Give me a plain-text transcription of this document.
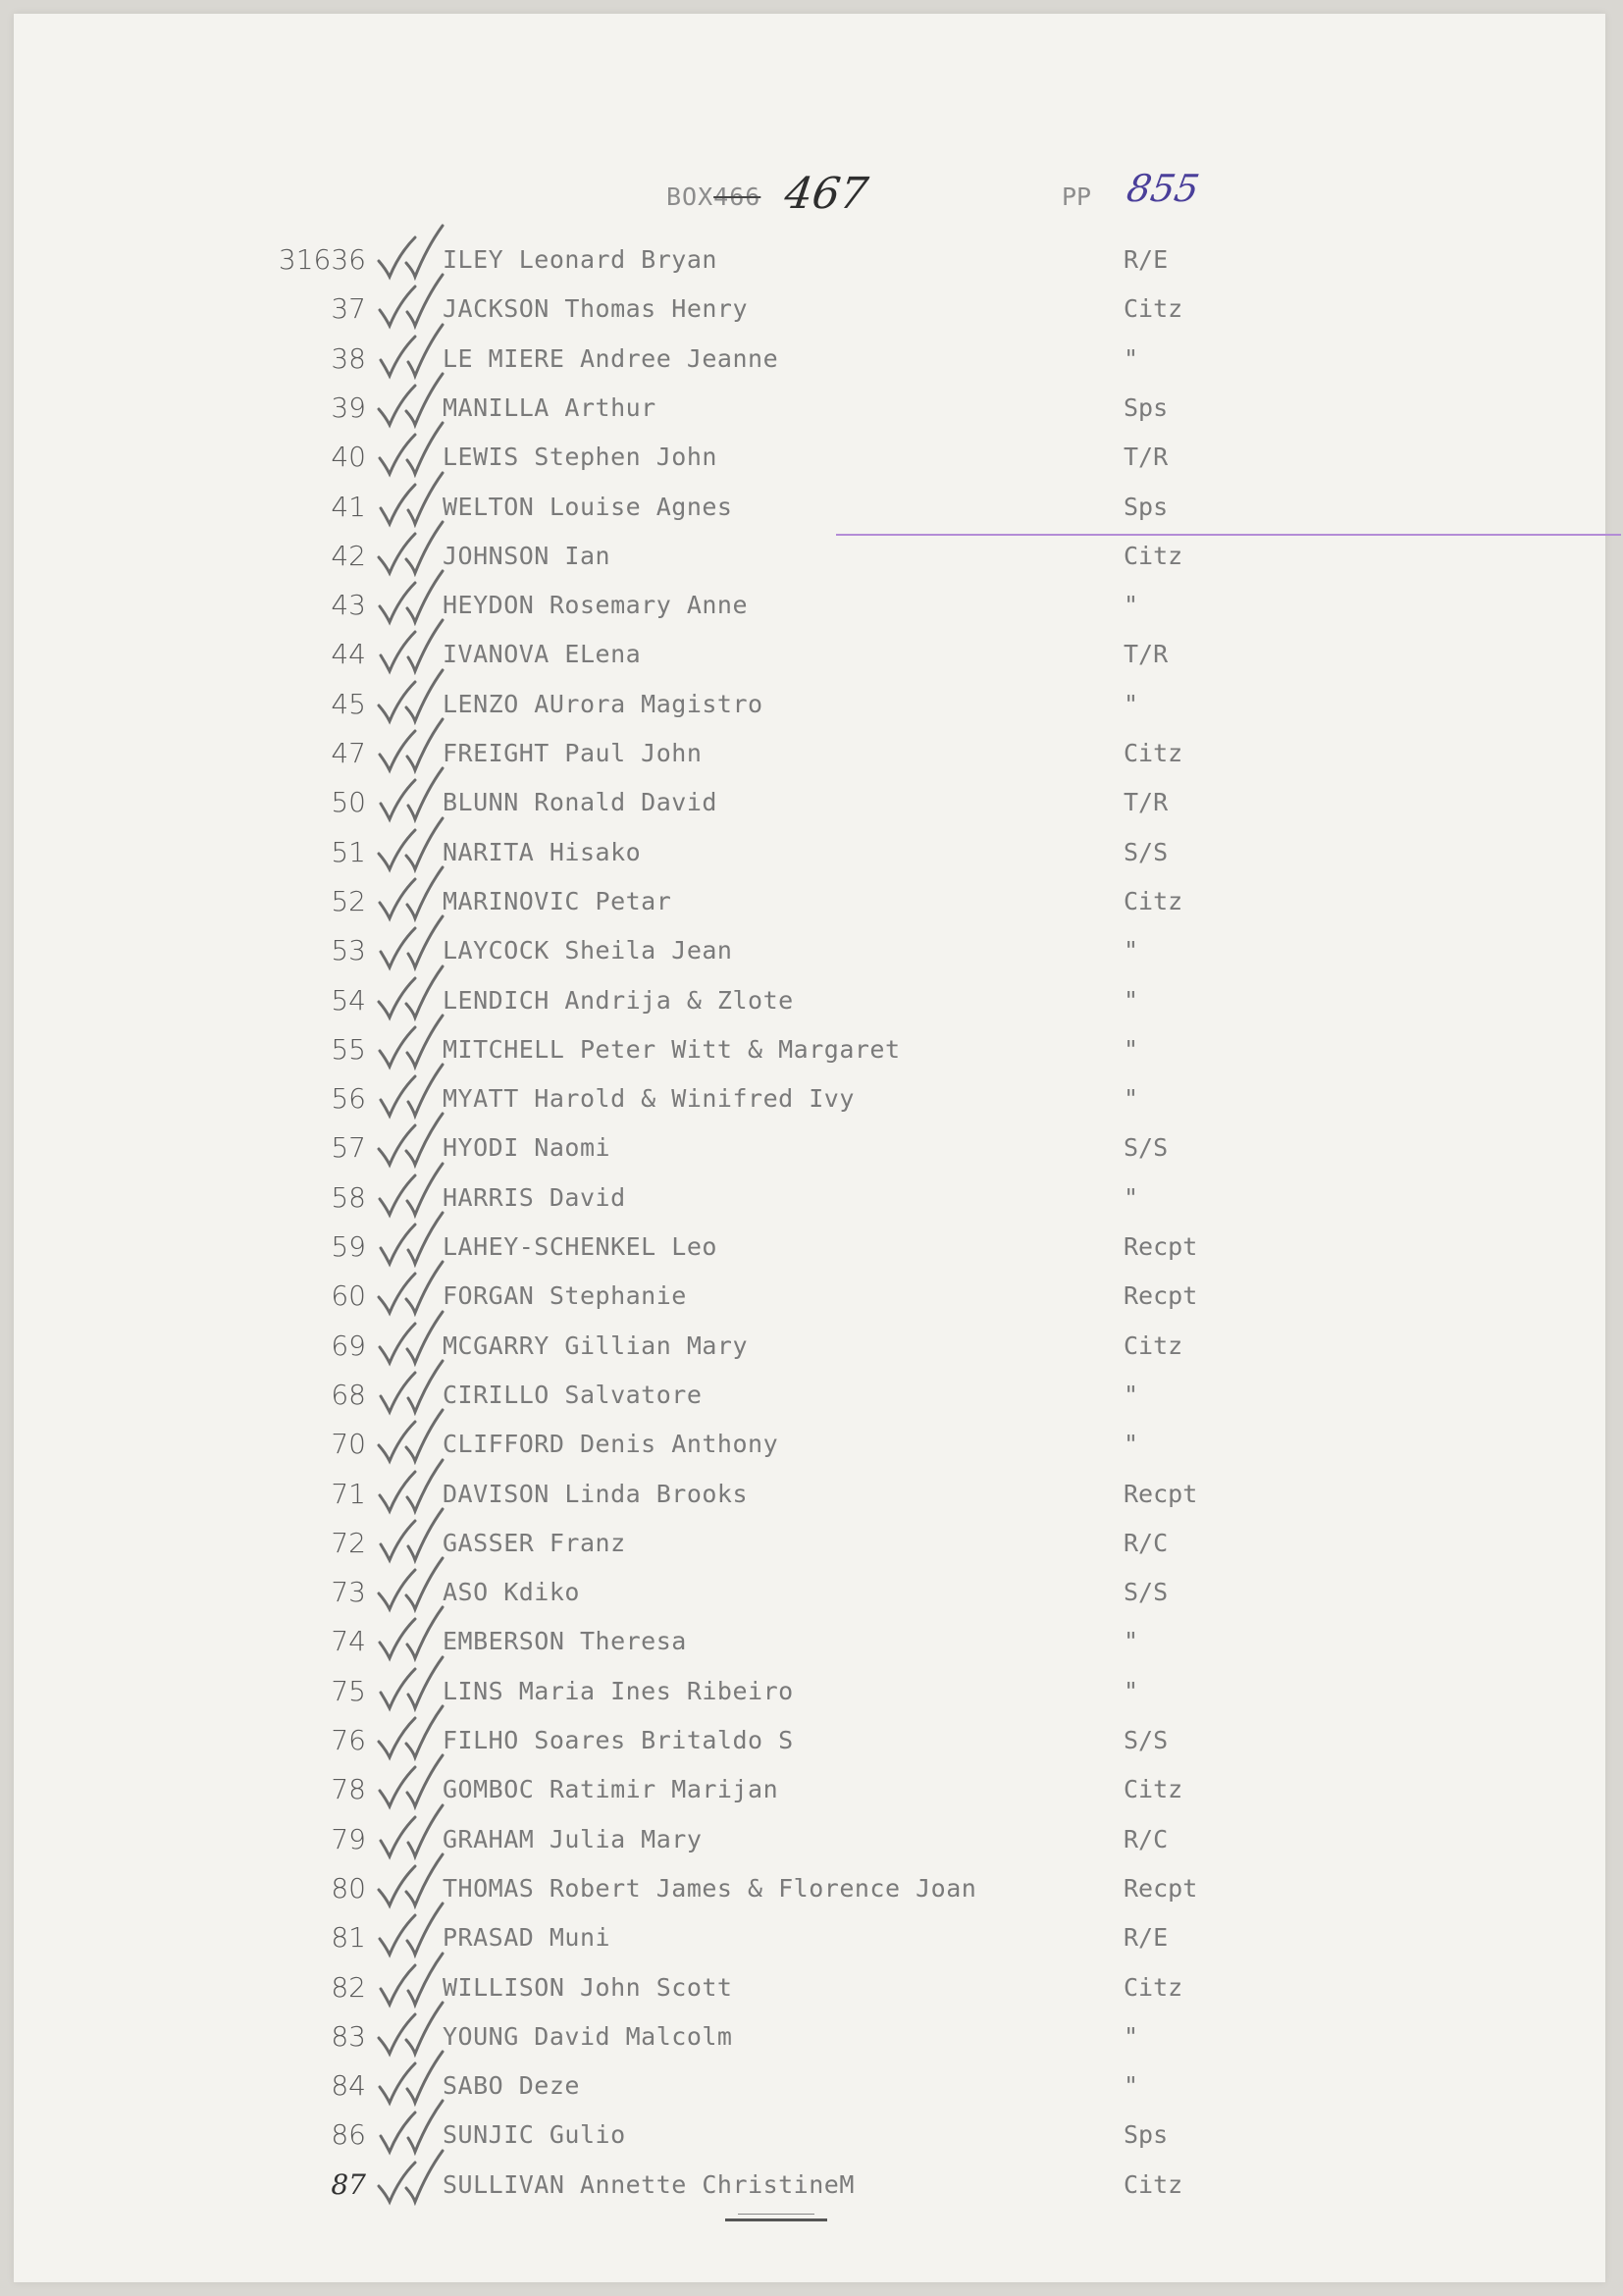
BOX466 467	PP 855
31636	ILEY Leonard Bryan	R/E
37	JACKSON Thomas Henry	Citz
38	LE MIERE Andree Jeanne	"
39	MANILLA Arthur	Sps
40	LEWIS Stephen John	T/R
41	WELTON Louise Agnes	Sps
42	JOHNSON Ian	Citz
43	HEYDON Rosemary Anne	"
44	IVANOVA ELena	T/R
45	LENZO AUrora Magistro	"
47	FREIGHT Paul John	Citz
50	BLUNN Ronald David	T/R
51	NARITA Hisako	S/S
52	MARINOVIC Petar	Citz
53	LAYCOCK Sheila Jean	"
54	LENDICH Andrija & Zlote	"
55	MITCHELL Peter Witt & Margaret	"
56	MYATT Harold & Winifred Ivy	"
57	HYODI Naomi	S/S
58	HARRIS David	"
59	LAHEY-SCHENKEL Leo	Recpt
60	FORGAN Stephanie	Recpt
69	MCGARRY Gillian Mary	Citz
68	CIRILLO Salvatore	"
70	CLIFFORD Denis Anthony	"
71	DAVISON Linda Brooks	Recpt
72	GASSER Franz	R/C
73	ASO Kdiko	S/S
74	EMBERSON Theresa	"
75	LINS Maria Ines Ribeiro	"
76	FILHO Soares Britaldo S	S/S
78	GOMBOC Ratimir Marijan	Citz
79	GRAHAM Julia Mary	R/C
80	THOMAS Robert James & Florence Joan	Recpt
81	PRASAD Muni	R/E
82	WILLISON John Scott	Citz
83	YOUNG David Malcolm	"
84	SABO Deze	"
86	SUNJIC Gulio	Sps
87	SULLIVAN Annette ChristineM	Citz
